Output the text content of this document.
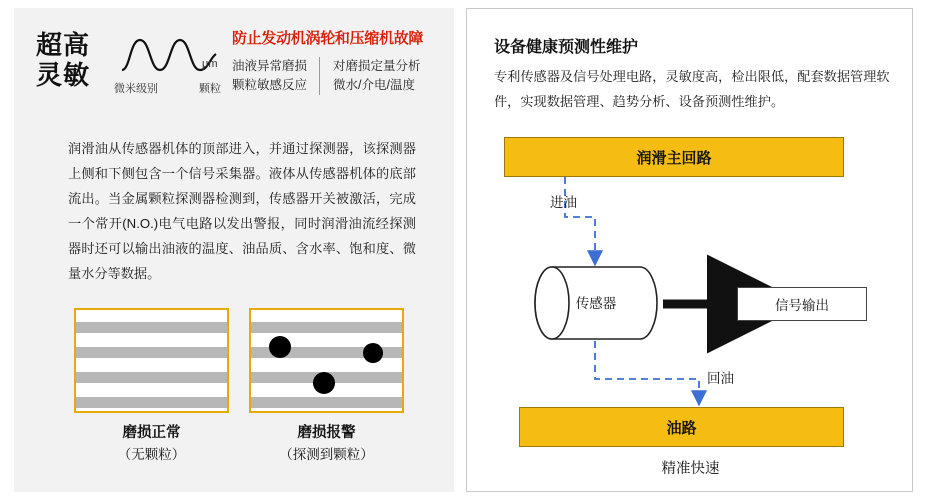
超高
灵敏	μm
微米级别	颗粒
防止发动机涡轮和压缩机故障
油液异常磨损
颗粒敏感反应
对磨损定量分析
微水/介电/温度
润滑油从传感器机体的顶部进入，并通过探测器，该探测器上侧和下侧包含一个信号采集器。液体从传感器机体的底部流出。当金属颗粒探测器检测到，传感器开关被激活，完成一个常开(N.O.)电气电路以发出警报，同时润滑油流经探测器时还可以输出油液的温度、油品质、含水率、饱和度、微量水分等数据。
磨损正常
（无颗粒）
磨损报警
（探测到颗粒）
设备健康预测性维护
专利传感器及信号处理电路，灵敏度高，检出限低，配套数据管理软件，实现数据管理、趋势分析、设备预测性维护。
润滑主回路
油路
信号输出
传感器
进油
回油
精准快速
